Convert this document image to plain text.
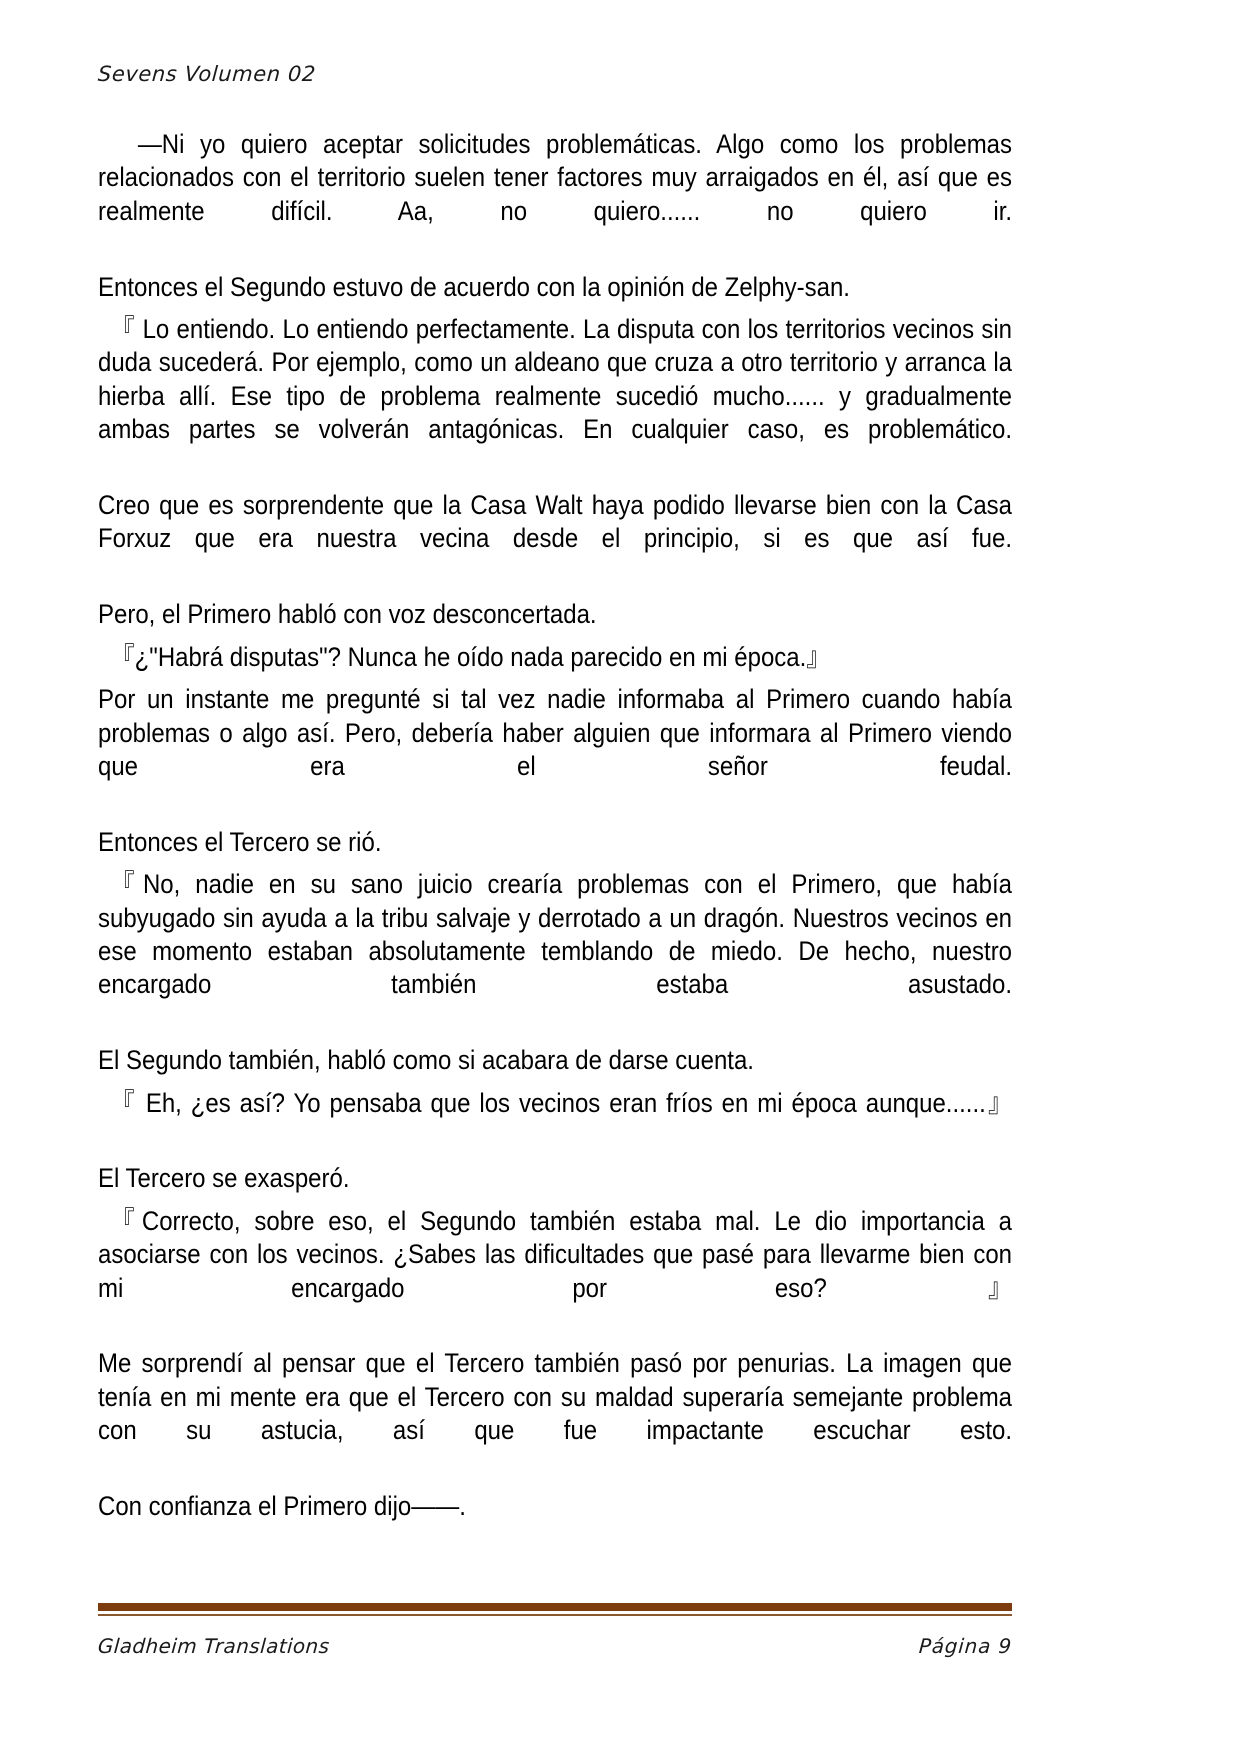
Sevens Volumen 02

—Ni yo quiero aceptar solicitudes problemáticas. Algo como los problemas relacionados con el territorio suelen tener factores muy arraigados en él, así que es realmente difícil. Aa, no quiero...... no quiero ir.

Entonces el Segundo estuvo de acuerdo con la opinión de Zelphy-san.

『 Lo entiendo. Lo entiendo perfectamente. La disputa con los territorios vecinos sin duda sucederá. Por ejemplo, como un aldeano que cruza a otro territorio y arranca la hierba allí. Ese tipo de problema realmente sucedió mucho...... y gradualmente ambas partes se volverán antagónicas. En cualquier caso, es problemático.

Creo que es sorprendente que la Casa Walt haya podido llevarse bien con la Casa Forxuz que era nuestra vecina desde el principio, si es que así fue.

Pero, el Primero habló con voz desconcertada.

『¿"Habrá disputas"? Nunca he oído nada parecido en mi época.』

Por un instante me pregunté si tal vez nadie informaba al Primero cuando había problemas o algo así. Pero, debería haber alguien que informara al Primero viendo que era el señor feudal.

Entonces el Tercero se rió.

『No, nadie en su sano juicio crearía problemas con el Primero, que había subyugado sin ayuda a la tribu salvaje y derrotado a un dragón. Nuestros vecinos en ese momento estaban absolutamente temblando de miedo. De hecho, nuestro encargado también estaba asustado.

El Segundo también, habló como si acabara de darse cuenta.

『 Eh, ¿es así? Yo pensaba que los vecinos eran fríos en mi época aunque......』

El Tercero se exasperó.

『Correcto, sobre eso, el Segundo también estaba mal. Le dio importancia a asociarse con los vecinos. ¿Sabes las dificultades que pasé para llevarme bien con mi encargado por eso?』

Me sorprendí al pensar que el Tercero también pasó por penurias. La imagen que tenía en mi mente era que el Tercero con su maldad superaría semejante problema con su astucia, así que fue impactante escuchar esto.

Con confianza el Primero dijo——.

Gladheim Translations	Página 9
